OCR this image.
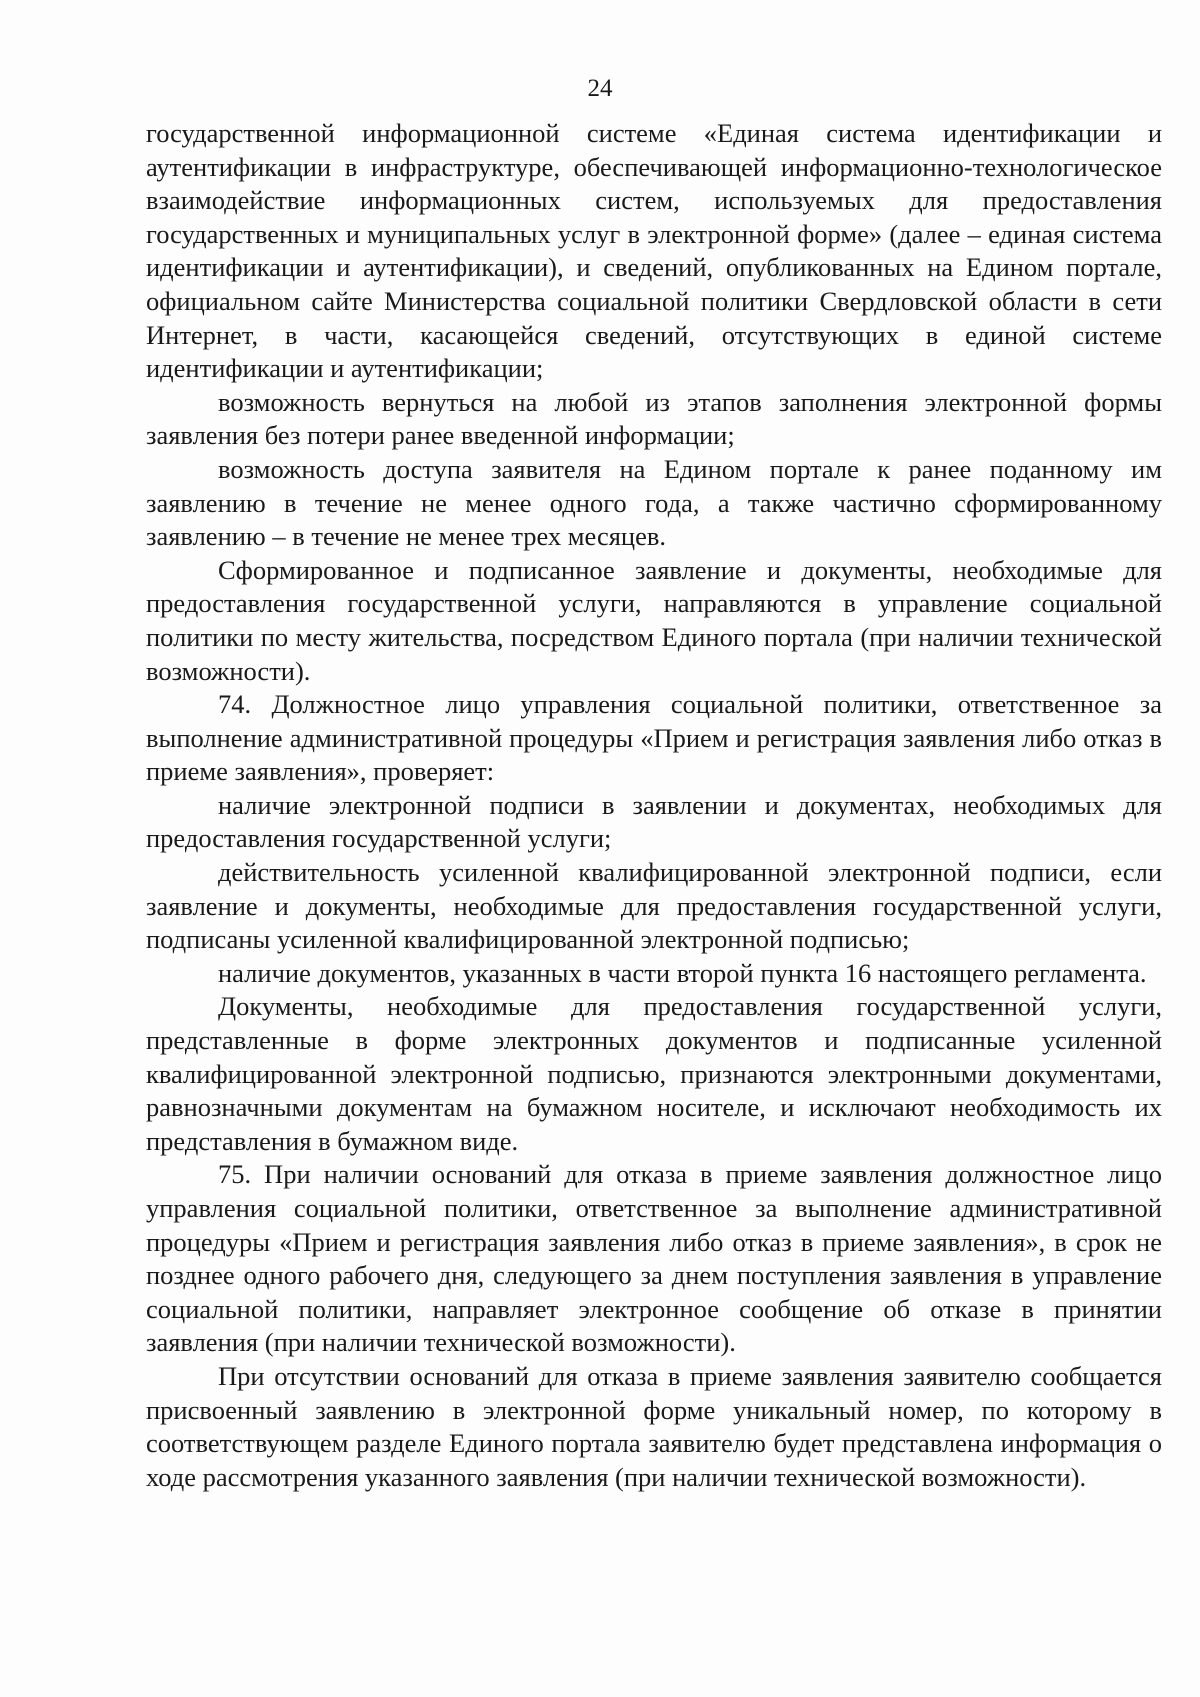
24

государственной информационной системе «Единая система идентификации и аутентификации в инфраструктуре, обеспечивающей информационно-технологическое взаимодействие информационных систем, используемых для предоставления государственных и муниципальных услуг в электронной форме» (далее – единая система идентификации и аутентификации), и сведений, опубликованных на Едином портале, официальном сайте Министерства социальной политики Свердловской области в сети Интернет, в части, касающейся сведений, отсутствующих в единой системе идентификации и аутентификации;

возможность вернуться на любой из этапов заполнения электронной формы заявления без потери ранее введенной информации;

возможность доступа заявителя на Едином портале к ранее поданному им заявлению в течение не менее одного года, а также частично сформированному заявлению – в течение не менее трех месяцев.

Сформированное и подписанное заявление и документы, необходимые для предоставления государственной услуги, направляются в управление социальной политики по месту жительства, посредством Единого портала (при наличии технической возможности).

74. Должностное лицо управления социальной политики, ответственное за выполнение административной процедуры «Прием и регистрация заявления либо отказ в приеме заявления», проверяет:

наличие электронной подписи в заявлении и документах, необходимых для предоставления государственной услуги;

действительность усиленной квалифицированной электронной подписи, если заявление и документы, необходимые для предоставления государственной услуги, подписаны усиленной квалифицированной электронной подписью;

наличие документов, указанных в части второй пункта 16 настоящего регламента.

Документы, необходимые для предоставления государственной услуги, представленные в форме электронных документов и подписанные усиленной квалифицированной электронной подписью, признаются электронными документами, равнозначными документам на бумажном носителе, и исключают необходимость их представления в бумажном виде.

75. При наличии оснований для отказа в приеме заявления должностное лицо управления социальной политики, ответственное за выполнение административной процедуры «Прием и регистрация заявления либо отказ в приеме заявления», в срок не позднее одного рабочего дня, следующего за днем поступления заявления в управление социальной политики, направляет электронное сообщение об отказе в принятии заявления (при наличии технической возможности).

При отсутствии оснований для отказа в приеме заявления заявителю сообщается присвоенный заявлению в электронной форме уникальный номер, по которому в соответствующем разделе Единого портала заявителю будет представлена информация о ходе рассмотрения указанного заявления (при наличии технической возможности).
